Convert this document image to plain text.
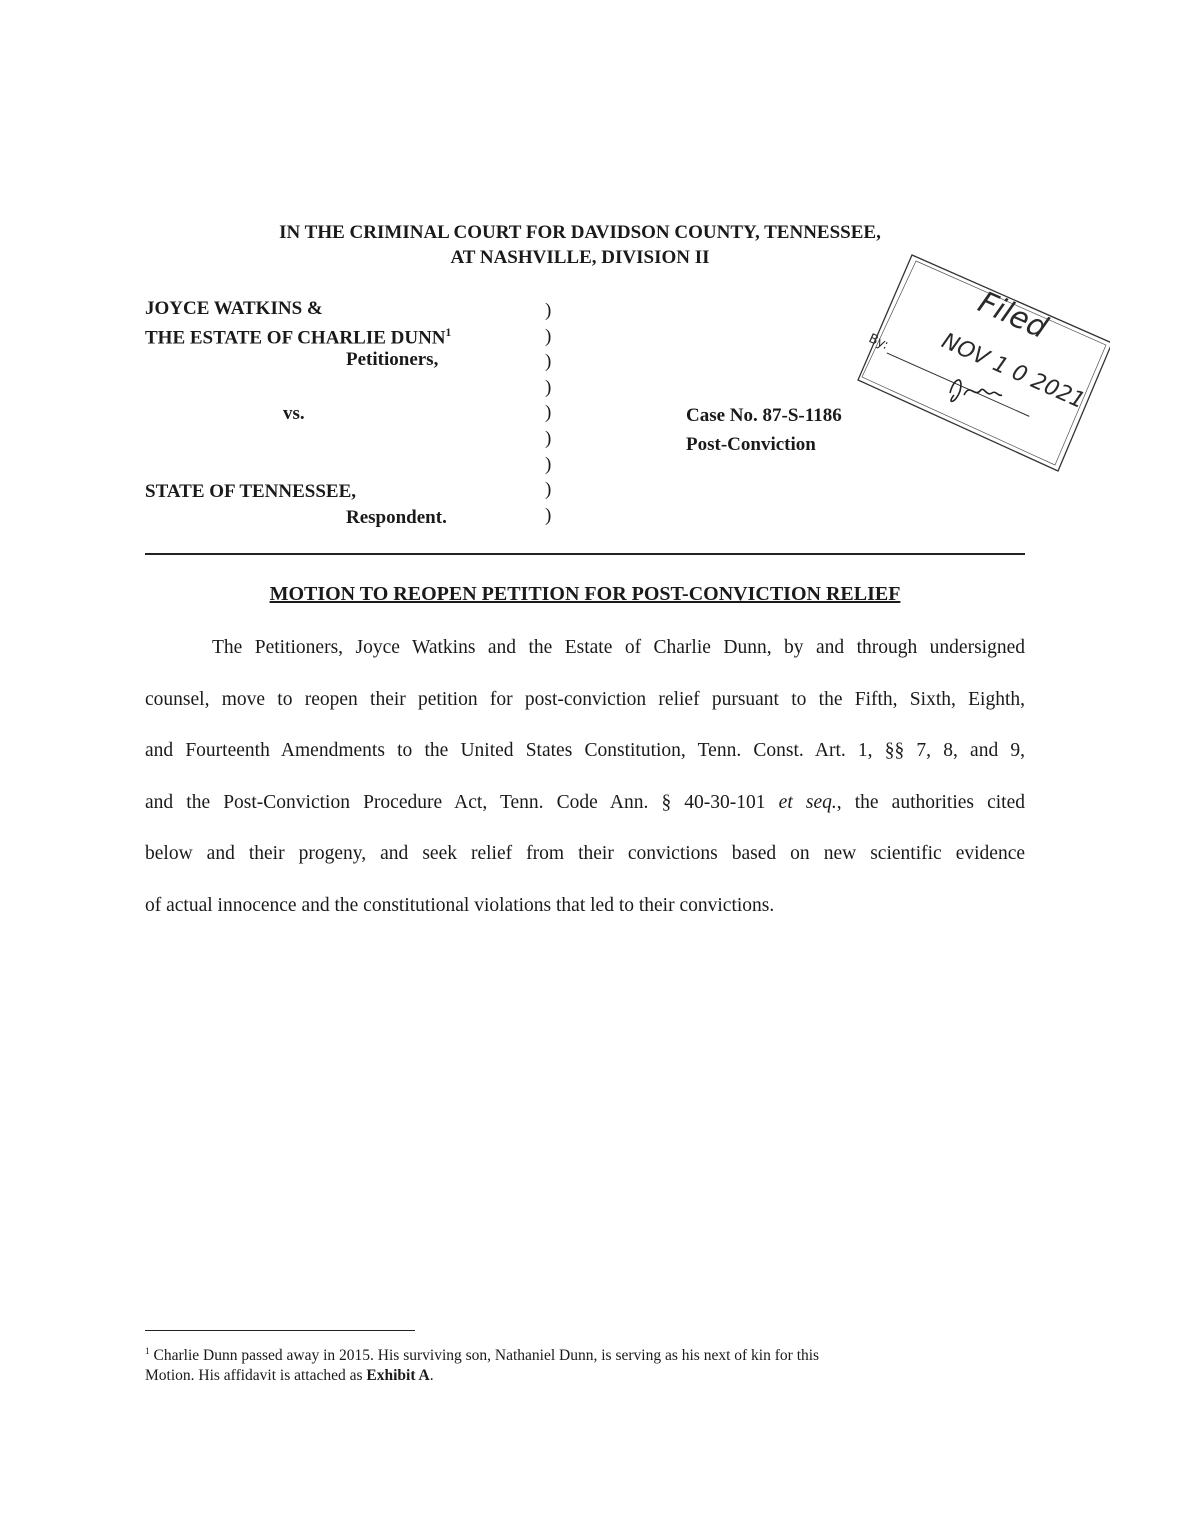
IN THE CRIMINAL COURT FOR DAVIDSON COUNTY, TENNESSEE,
AT NASHVILLE, DIVISION II
JOYCE WATKINS &
THE ESTATE OF CHARLIE DUNN$^1$
Petitioners,
vs.
STATE OF TENNESSEE,
Respondent.
)
)
)
)
)
)
)
)
)
Case No. 87-S-1186
Post-Conviction
Filed
NOV 1 0 2021
By:
MOTION TO REOPEN PETITION FOR POST-CONVICTION RELIEF
The Petitioners, Joyce Watkins and the Estate of Charlie Dunn, by and through undersigned
counsel, move to reopen their petition for post-conviction relief pursuant to the Fifth, Sixth, Eighth,
and Fourteenth Amendments to the United States Constitution, Tenn. Const. Art. 1, §§ 7, 8, and 9,
and the Post-Conviction Procedure Act, Tenn. Code Ann. § 40-30-101 et seq., the authorities cited
below and their progeny, and seek relief from their convictions based on new scientific evidence
of actual innocence and the constitutional violations that led to their convictions.
$^1$ Charlie Dunn passed away in 2015. His surviving son, Nathaniel Dunn, is serving as his next of kin for this
Motion. His affidavit is attached as Exhibit A.
